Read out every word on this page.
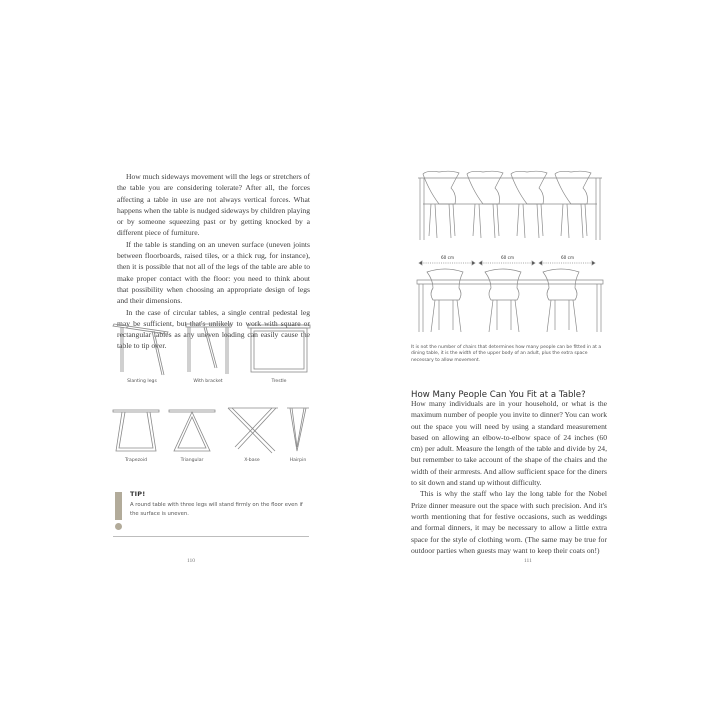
How much sideways movement will the legs or stretchers of the table you are considering tolerate? After all, the forces affecting a table in use are not always vertical forces. What happens when the table is nudged sideways by children playing or by someone squeezing past or by getting knocked by a different piece of furniture.

If the table is standing on an uneven surface (uneven joints between floorboards, raised tiles, or a thick rug, for instance), then it is possible that not all of the legs of the table are able to make proper contact with the floor: you need to think about that possibility when choosing an appropriate design of legs and their dimensions.

In the case of circular tables, a single central pedestal leg may be sufficient, but that's unlikely to work with square or rectangular tables as any uneven loading can easily cause the table to tip over.

Slanting legs	With bracket	Trestle
Trapezoid	Triangular	X-base	Hairpin
TIP!
A round table with three legs will stand firmly on the floor even if the surface is uneven.
110
60 cm	60 cm	60 cm
It is not the number of chairs that determines how many people can be fitted in at a dining table, it is the width of the upper body of an adult, plus the extra space necessary to allow movement.
How Many People Can You Fit at a Table?

How many individuals are in your household, or what is the maximum number of people you invite to dinner? You can work out the space you will need by using a standard measurement based on allowing an elbow-to-elbow space of 24 inches (60 cm) per adult. Measure the length of the table and divide by 24, but remember to take account of the shape of the chairs and the width of their armrests. And allow sufficient space for the diners to sit down and stand up without difficulty.

This is why the staff who lay the long table for the Nobel Prize dinner measure out the space with such precision. And it's worth mentioning that for festive occasions, such as weddings and formal dinners, it may be necessary to allow a little extra space for the style of clothing worn. (The same may be true for outdoor parties when guests may want to keep their coats on!)

111
